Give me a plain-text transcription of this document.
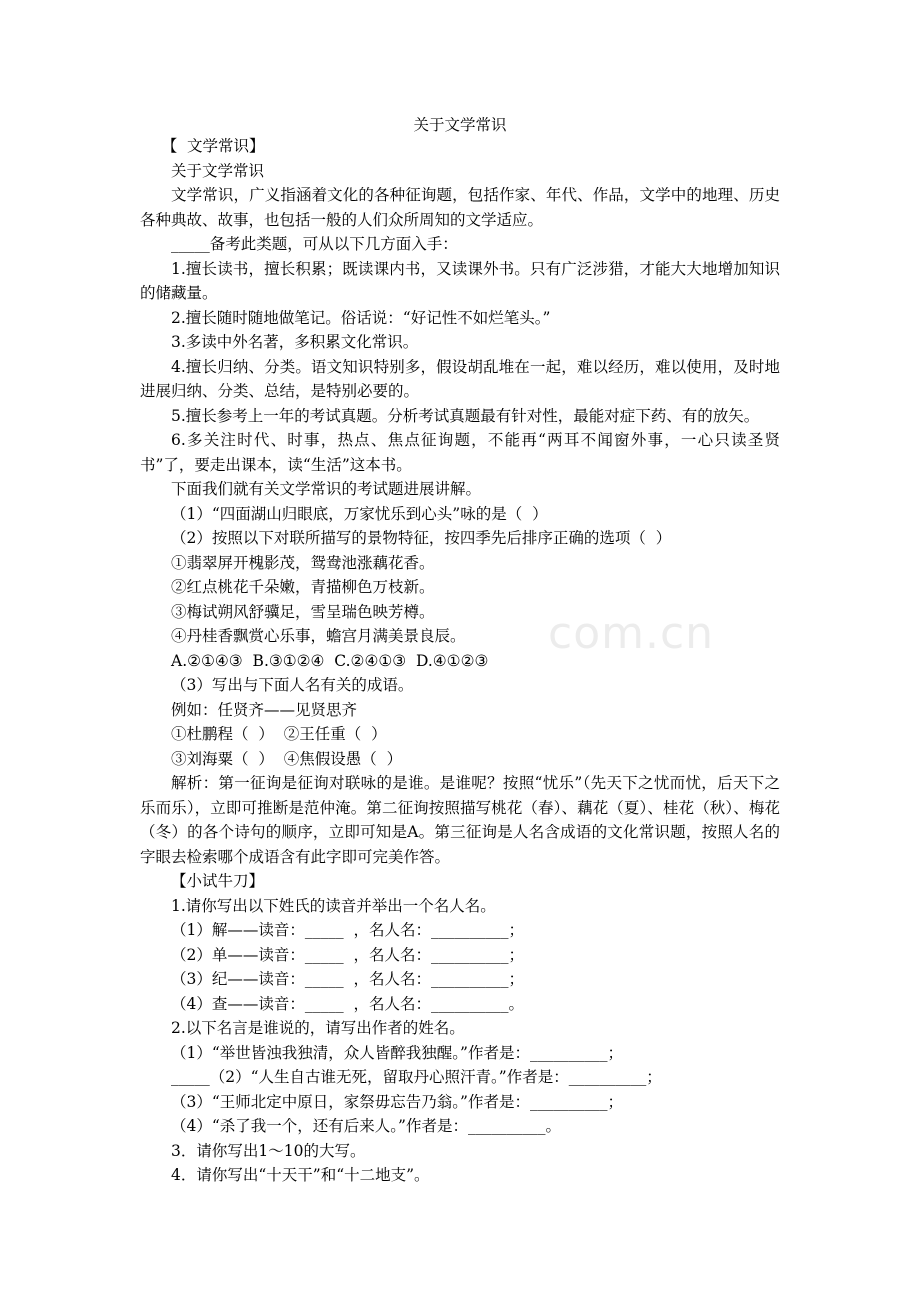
关于文学常识
com.cn

【  文学常识】

关于文学常识

文学常识，广义指涵着文化的各种征询题，包括作家、年代、作品，文学中的地理、历史各种典故、故事，也包括一般的人们众所周知的文学适应。

_____备考此类题，可从以下几方面入手：

1.擅长读书，擅长积累；既读课内书，又读课外书。只有广泛涉猎，才能大大地增加知识的储藏量。

2.擅长随时随地做笔记。俗话说：“好记性不如烂笔头。”

3.多读中外名著，多积累文化常识。

4.擅长归纳、分类。语文知识特别多，假设胡乱堆在一起，难以经历，难以使用，及时地进展归纳、分类、总结，是特别必要的。

5.擅长参考上一年的考试真题。分析考试真题最有针对性，最能对症下药、有的放矢。

6.多关注时代、时事，热点、焦点征询题，不能再“两耳不闻窗外事，一心只读圣贤书”了，要走出课本，读“生活”这本书。

下面我们就有关文学常识的考试题进展讲解。

（1）“四面湖山归眼底，万家忧乐到心头”咏的是（  ）

（2）按照以下对联所描写的景物特征，按四季先后排序正确的选项（  ）

①翡翠屏开槐影茂，鸳鸯池涨藕花香。

②红点桃花千朵嫩，青描柳色万枝新。

③梅试朔风舒骥足，雪呈瑞色映芳樽。

④丹桂香飘赏心乐事，蟾宫月满美景良辰。

A.②①④③  B.③①②④  C.②④①③  D.④①②③

（3）写出与下面人名有关的成语。

例如：任贤齐——见贤思齐

①杜鹏程（  ）  ②王任重（  ）

③刘海粟（  ）  ④焦假设愚（  ）

解析：第一征询是征询对联咏的是谁。是谁呢？按照“忧乐”（先天下之忧而忧，后天下之乐而乐），立即可推断是范仲淹。第二征询按照描写桃花（春）、藕花（夏）、桂花（秋）、梅花（冬）的各个诗句的顺序，立即可知是A。第三征询是人名含成语的文化常识题，按照人名的字眼去检索哪个成语含有此字即可完美作答。

【小试牛刀】

1.请你写出以下姓氏的读音并举出一个名人名。

（1）解——读音：_____  ，名人名：__________；

（2）单——读音：_____  ，名人名：__________；

（3）纪——读音：_____  ，名人名：__________；

（4）查——读音：_____  ，名人名：__________。

2.以下名言是谁说的，请写出作者的姓名。

（1）“举世皆浊我独清，众人皆醉我独醒。”作者是：__________；

_____（2）“人生自古谁无死，留取丹心照汗青。”作者是：__________；

（3）“王师北定中原日，家祭毋忘告乃翁。”作者是：__________；

（4）“杀了我一个，还有后来人。”作者是：__________。

3．请你写出1～10的大写。

4．请你写出“十天干”和“十二地支”。
